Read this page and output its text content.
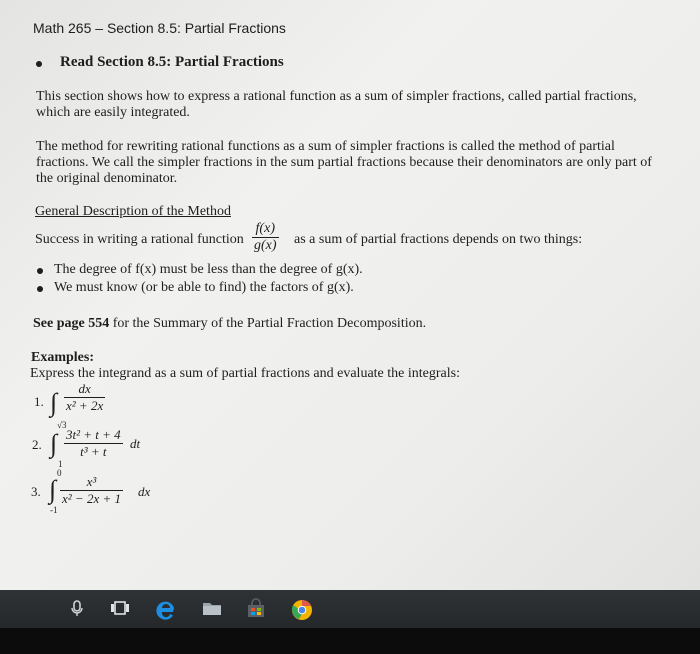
Math 265 – Section 8.5: Partial Fractions
Read Section 8.5: Partial Fractions
This section shows how to express a rational function as a sum of simpler fractions, called partial fractions,
which are easily integrated.
The method for rewriting rational functions as a sum of simpler fractions is called the method of partial
fractions. We call the simpler fractions in the sum partial fractions because their denominators are only part of
the original denominator.
General Description of the Method
Success in writing a rational function $\frac{f(x)}{g(x)}$ as a sum of partial fractions depends on two things:
The degree of f(x) must be less than the degree of g(x).
We must know (or be able to find) the factors of g(x).
See page 554 for the Summary of the Partial Fraction Decomposition.
Examples:
Express the integrand as a sum of partial fractions and evaluate the integrals:
1. ∫ $\frac{dx}{\text{x² + 2x}}$
√3
2. ∫
1
$\frac{\text{3t² + t + 4}}{\text{t³ + t}}$ dt
0
3. ∫
-1
$\frac{\text{x³}}{\text{x² − 2x + 1}}$ dx
